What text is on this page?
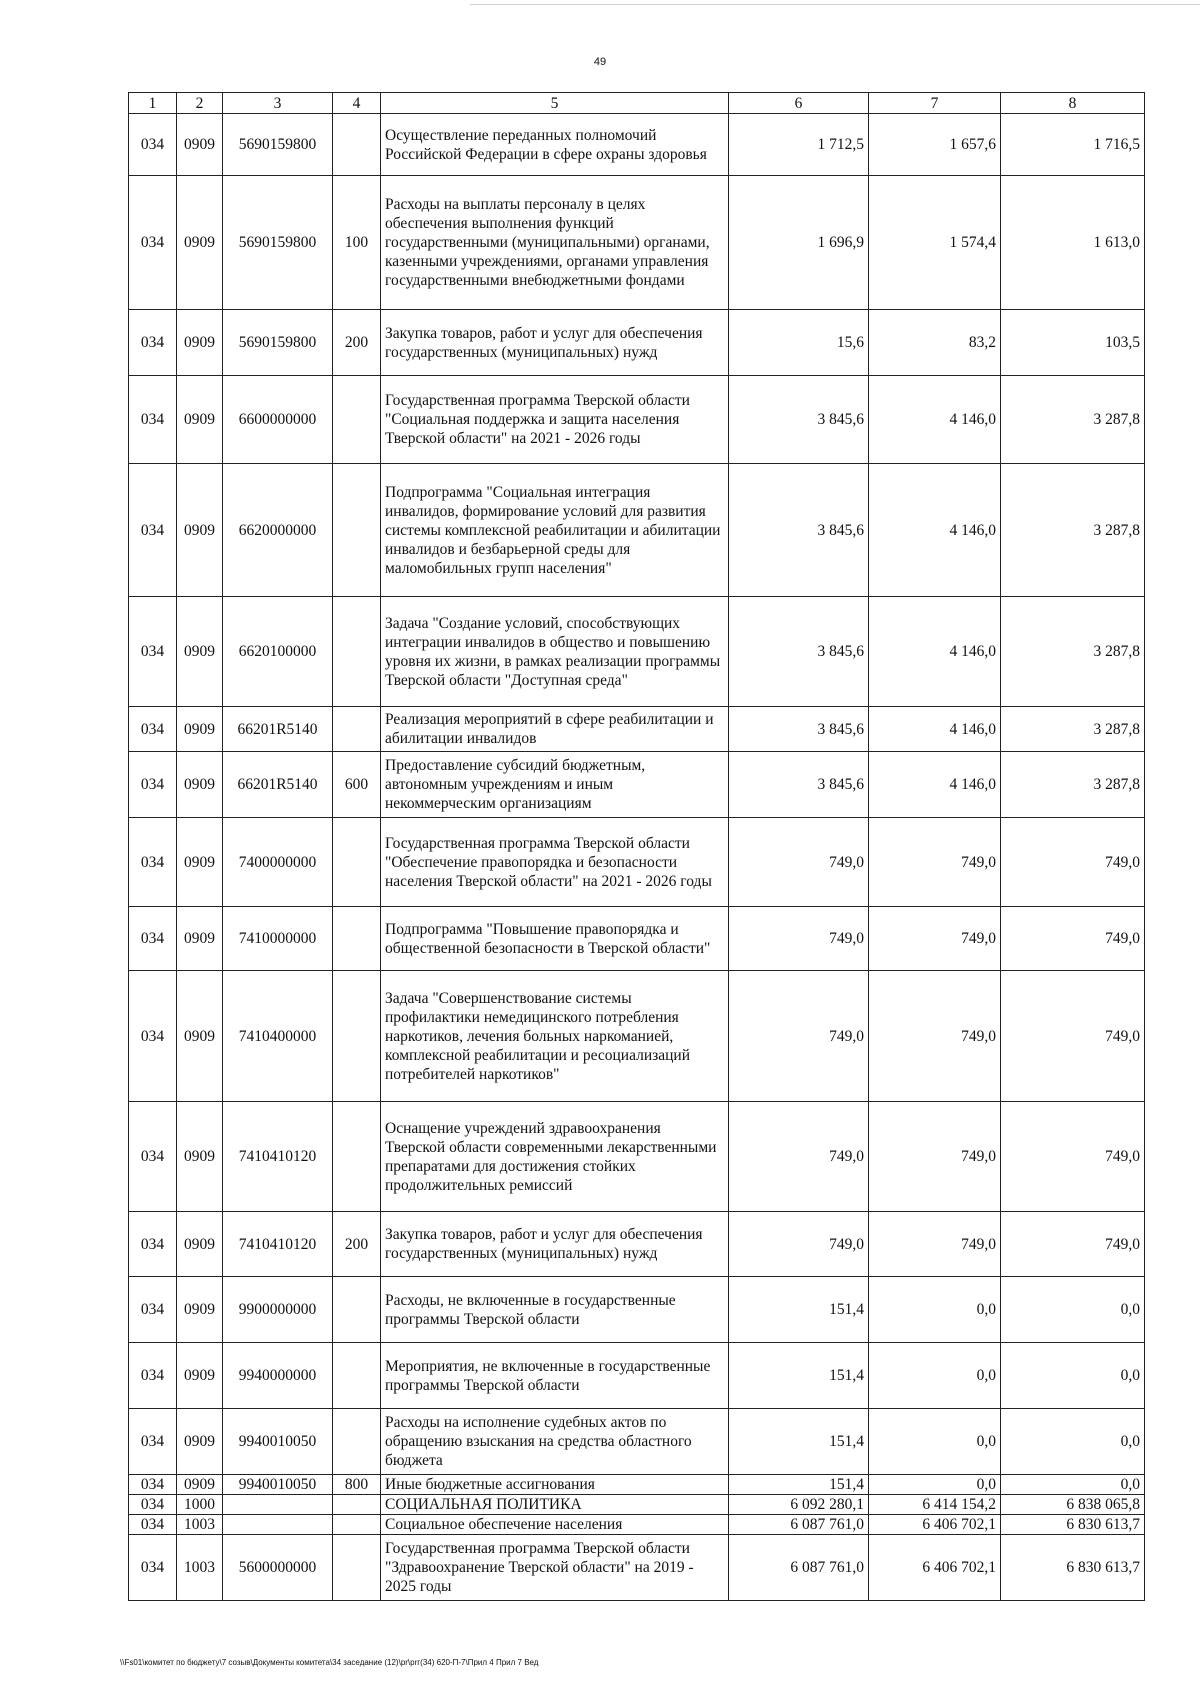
49
1	2	3	4	5	6	7	8
034	0909	5690159800		Осуществление переданных полномочий Российской Федерации в сфере охраны здоровья	1 712,5	1 657,6	1 716,5
034	0909	5690159800	100	Расходы на выплаты персоналу в целях обеспечения выполнения функций государственными (муниципальными) органами, казенными учреждениями, органами управления государственными внебюджетными фондами	1 696,9	1 574,4	1 613,0
034	0909	5690159800	200	Закупка товаров, работ и услуг для обеспечения государственных (муниципальных) нужд	15,6	83,2	103,5
034	0909	6600000000		Государственная программа Тверской области "Социальная поддержка и защита населения Тверской области" на 2021 - 2026 годы	3 845,6	4 146,0	3 287,8
034	0909	6620000000		Подпрограмма "Социальная интеграция инвалидов, формирование условий для развития системы комплексной реабилитации и абилитации инвалидов и безбарьерной среды для маломобильных групп населения"	3 845,6	4 146,0	3 287,8
034	0909	6620100000		Задача "Создание условий, способствующих интеграции инвалидов в общество и повышению уровня их жизни, в рамках реализации программы Тверской области "Доступная среда"	3 845,6	4 146,0	3 287,8
034	0909	66201R5140		Реализация мероприятий в сфере реабилитации и абилитации инвалидов	3 845,6	4 146,0	3 287,8
034	0909	66201R5140	600	Предоставление субсидий бюджетным, автономным учреждениям и иным некоммерческим организациям	3 845,6	4 146,0	3 287,8
034	0909	7400000000		Государственная программа Тверской области "Обеспечение правопорядка и безопасности населения Тверской области" на 2021 - 2026 годы	749,0	749,0	749,0
034	0909	7410000000		Подпрограмма "Повышение правопорядка и общественной безопасности в Тверской области"	749,0	749,0	749,0
034	0909	7410400000		Задача "Совершенствование системы профилактики немедицинского потребления наркотиков, лечения больных наркоманией, комплексной реабилитации и ресоциализаций потребителей наркотиков"	749,0	749,0	749,0
034	0909	7410410120		Оснащение учреждений здравоохранения Тверской области современными лекарственными препаратами для достижения стойких продолжительных ремиссий	749,0	749,0	749,0
034	0909	7410410120	200	Закупка товаров, работ и услуг для обеспечения государственных (муниципальных) нужд	749,0	749,0	749,0
034	0909	9900000000		Расходы, не включенные в государственные программы Тверской области	151,4	0,0	0,0
034	0909	9940000000		Мероприятия, не включенные в государственные программы Тверской области	151,4	0,0	0,0
034	0909	9940010050		Расходы на исполнение судебных актов по обращению взыскания на средства областного бюджета	151,4	0,0	0,0
034	0909	9940010050	800	Иные бюджетные ассигнования	151,4	0,0	0,0
034	1000			СОЦИАЛЬНАЯ ПОЛИТИКА	6 092 280,1	6 414 154,2	6 838 065,8
034	1003			Социальное обеспечение населения	6 087 761,0	6 406 702,1	6 830 613,7
034	1003	5600000000		Государственная программа Тверской области "Здравоохранение Тверской области" на 2019 - 2025 годы	6 087 761,0	6 406 702,1	6 830 613,7
\\Fs01\комитет по бюджету\7 созыв\Документы комитета\34 заседание (12)\pr\prг(34) 620-П-7\Прил 4 Прил 7 Вед
